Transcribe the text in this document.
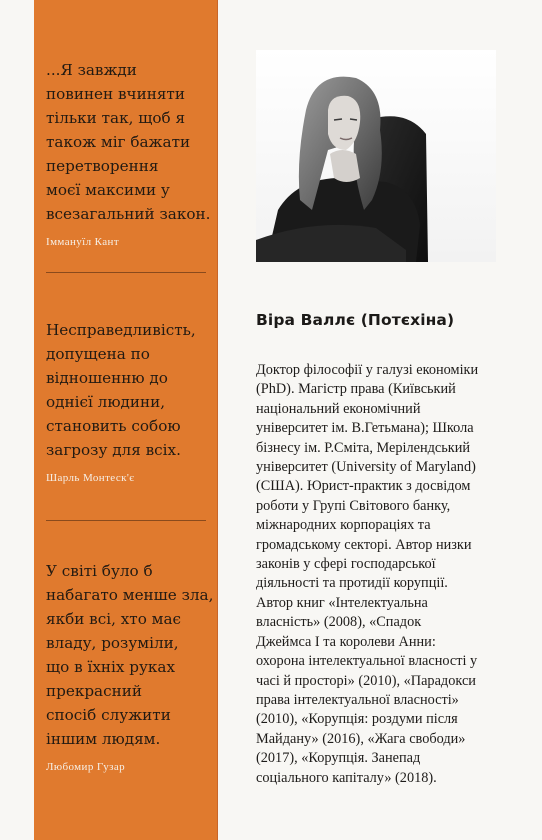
...Я завжди
повинен вчиняти
тільки так, щоб я
також міг бажати
перетворення
моєї максими у
всезагальний закон.

Іммануїл Кант

Несправедливість,
допущена по
відношенню до
однієї людини,
становить собою
загрозу для всіх.

Шарль Монтеск'є

У світі було б
набагато менше зла,
якби всі, хто має
владу, розуміли,
що в їхніх руках
прекрасний
спосіб служити
іншим людям.

Любомир Гузар
Віра Валлє (Потєхіна)

Доктор філософії у галузі економіки
(PhD). Магістр права (Київський
національний економічний
університет ім. В.Гетьмана); Школа
бізнесу ім. Р.Сміта, Мерілендський
університет (University of Maryland)
(США). Юрист-практик з досвідом
роботи у Групі Світового банку,
міжнародних корпораціях та
громадському секторі. Автор низки
законів у сфері господарської
діяльності та протидії корупції.
Автор книг «Інтелектуальна
власність» (2008), «Спадок
Джеймса І та королеви Анни:
охорона інтелектуальної власності у
часі й просторі» (2010), «Парадокси
права інтелектуальної власності»
(2010), «Корупція: роздуми після
Майдану» (2016), «Жага свободи»
(2017), «Корупція. Занепад
соціального капіталу» (2018).
